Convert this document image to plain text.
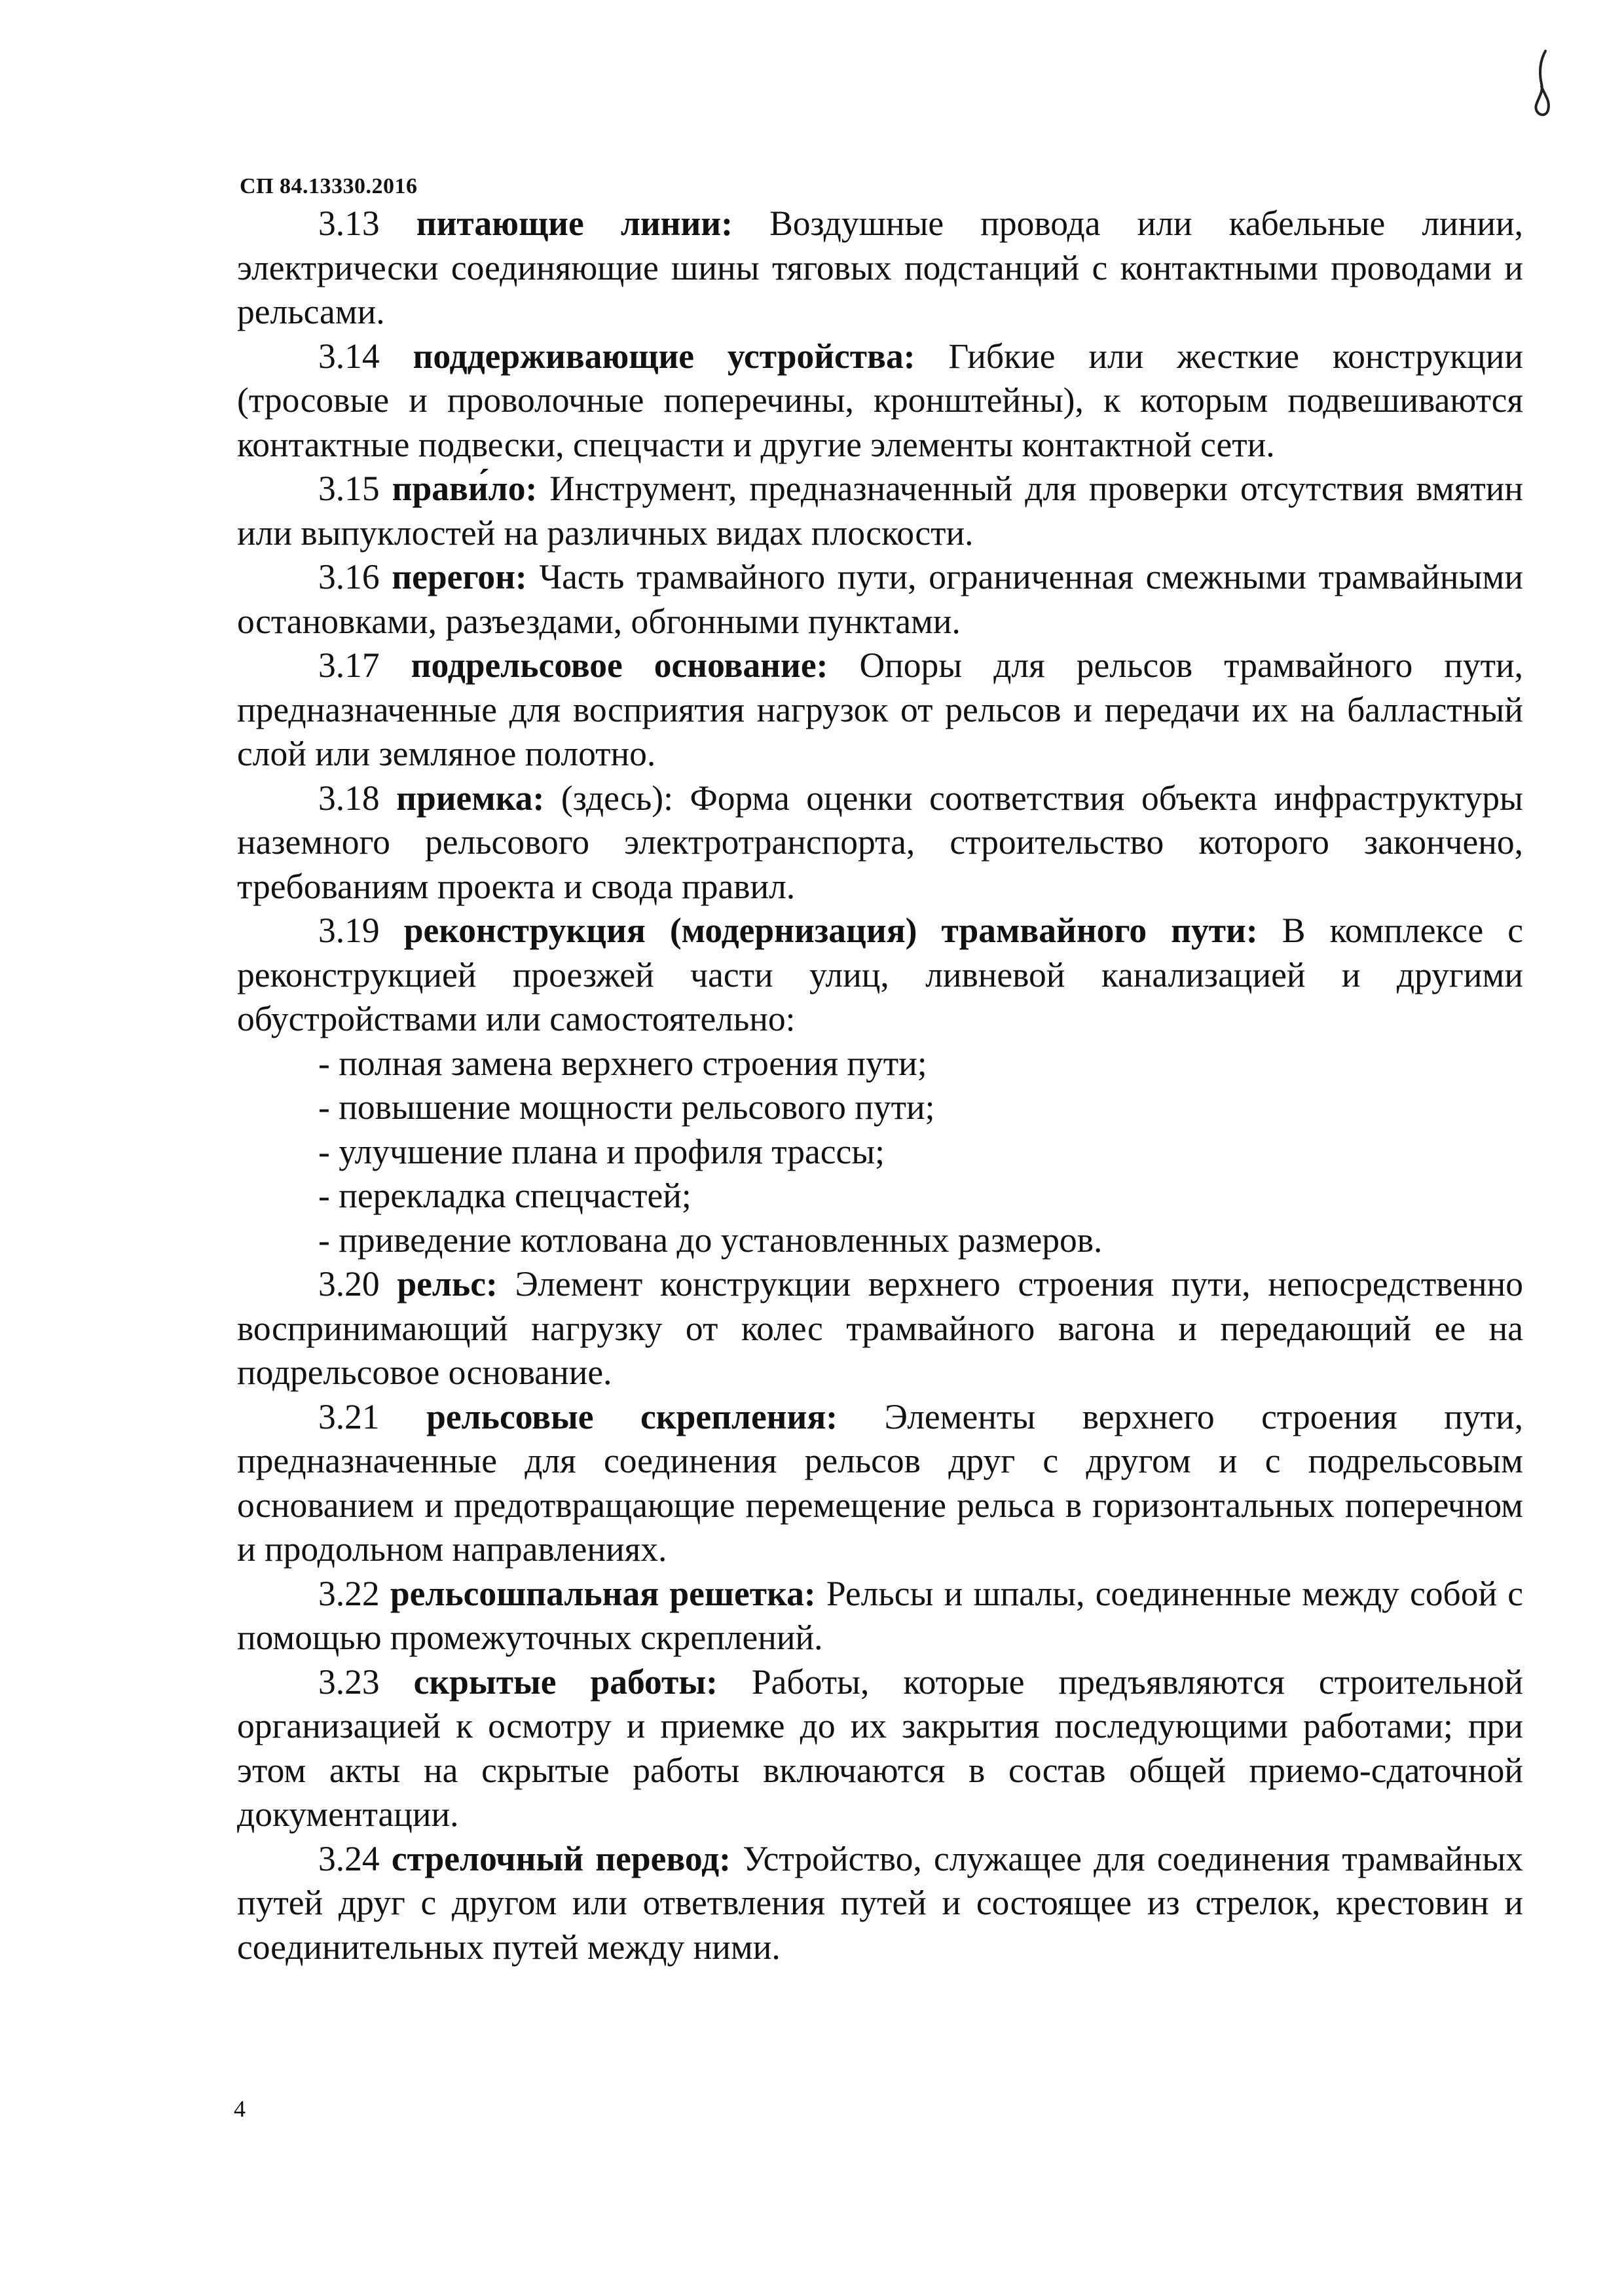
СП 84.13330.2016

3.13 питающие линии: Воздушные провода или кабельные линии, электрически соединяющие шины тяговых подстанций с контактными проводами и рельсами.

3.14 поддерживающие устройства: Гибкие или жесткие конструкции (тросовые и проволочные поперечины, кронштейны), к которым подвешиваются контактные подвески, спецчасти и другие элементы контактной сети.

3.15 прави́ло: Инструмент, предназначенный для проверки отсутствия вмятин или выпуклостей на различных видах плоскости.

3.16 перегон: Часть трамвайного пути, ограниченная смежными трамвайными остановками, разъездами, обгонными пунктами.

3.17 подрельсовое основание: Опоры для рельсов трамвайного пути, предназначенные для восприятия нагрузок от рельсов и передачи их на балластный слой или земляное полотно.

3.18 приемка: (здесь): Форма оценки соответствия объекта инфраструктуры наземного рельсового электротранспорта, строительство которого закончено, требованиям проекта и свода правил.

3.19 реконструкция (модернизация) трамвайного пути: В комплексе с реконструкцией проезжей части улиц, ливневой канализацией и другими обустройствами или самостоятельно:

- полная замена верхнего строения пути;

- повышение мощности рельсового пути;

- улучшение плана и профиля трассы;

- перекладка спецчастей;

- приведение котлована до установленных размеров.

3.20 рельс: Элемент конструкции верхнего строения пути, непосредственно воспринимающий нагрузку от колес трамвайного вагона и передающий ее на подрельсовое основание.

3.21 рельсовые скрепления: Элементы верхнего строения пути, предназначенные для соединения рельсов друг с другом и с подрельсовым основанием и предотвращающие перемещение рельса в горизонтальных поперечном и продольном направлениях.

3.22 рельсошпальная решетка: Рельсы и шпалы, соединенные между собой с помощью промежуточных скреплений.

3.23 скрытые работы: Работы, которые предъявляются строительной организацией к осмотру и приемке до их закрытия последующими работами; при этом акты на скрытые работы включаются в состав общей приемо-сдаточной документации.

3.24 стрелочный перевод: Устройство, служащее для соединения трамвайных путей друг с другом или ответвления путей и состоящее из стрелок, крестовин и соединительных путей между ними.

4
